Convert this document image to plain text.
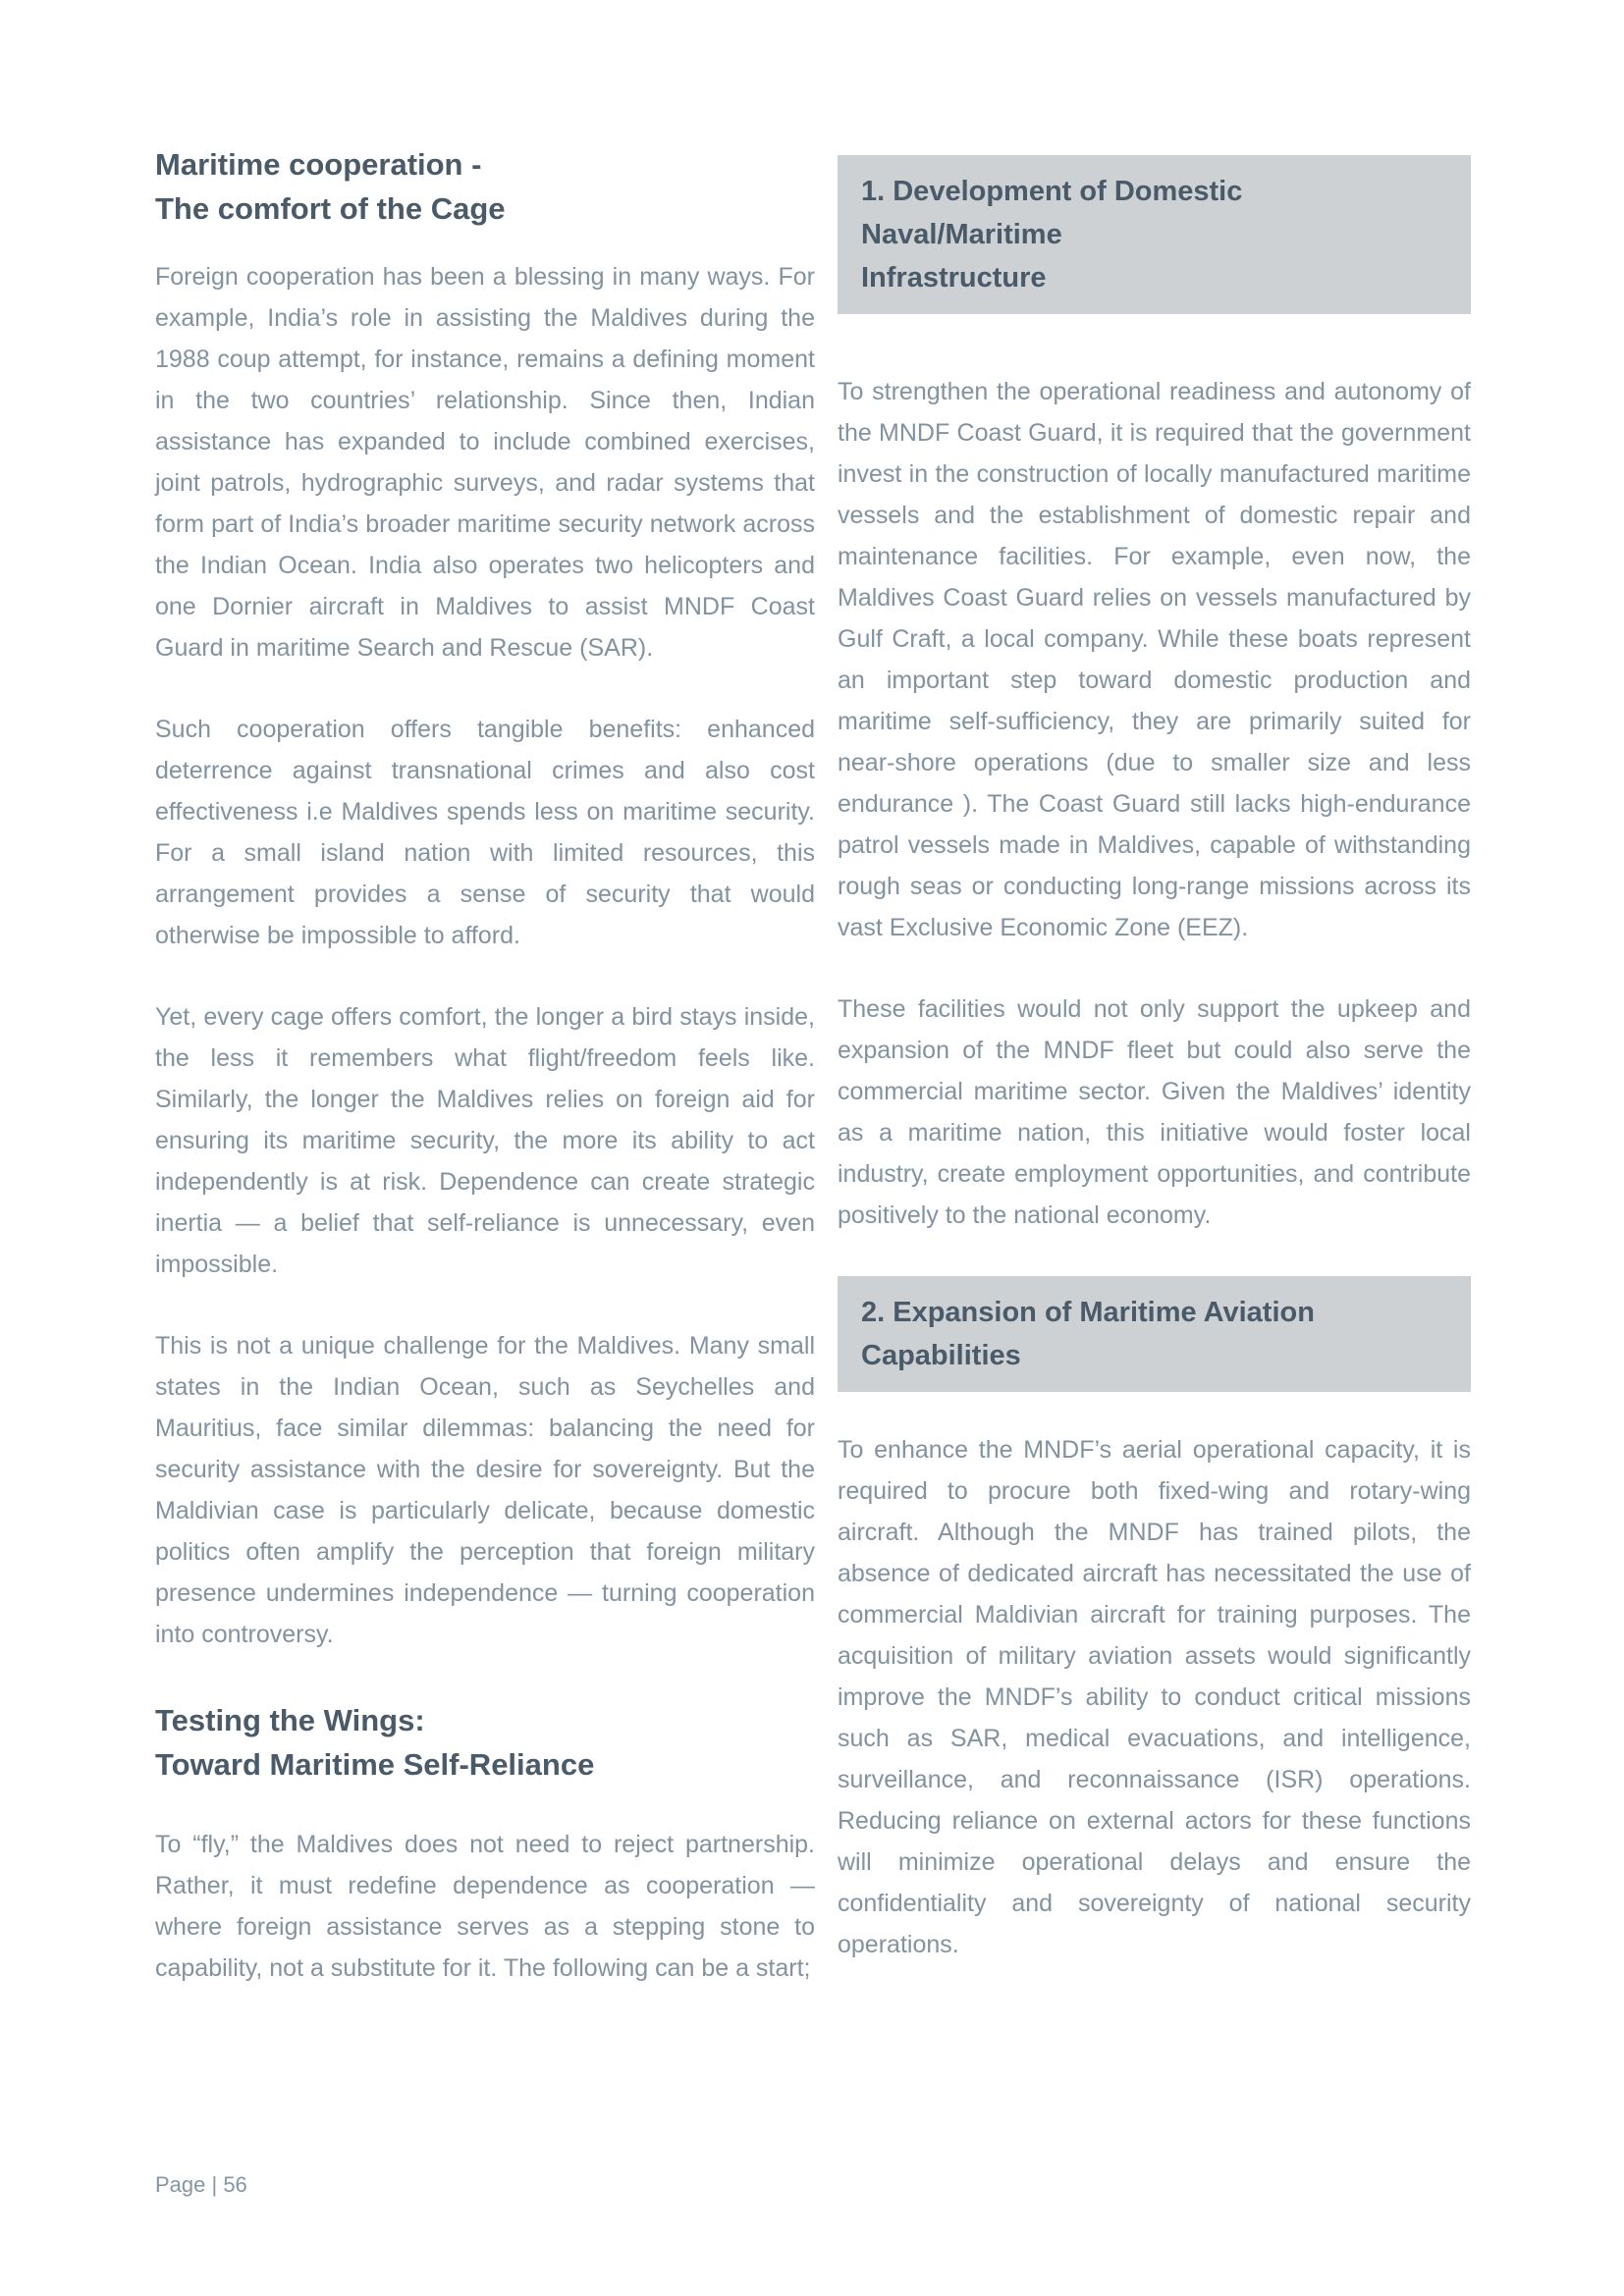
Maritime cooperation -
The comfort of the Cage

Foreign cooperation has been a blessing in many ways. For example, India’s role in assisting the Maldives during the 1988 coup attempt, for instance, remains a defining moment in the two countries’ relationship. Since then, Indian assistance has expanded to include combined exercises, joint patrols, hydrographic surveys, and radar systems that form part of India’s broader maritime security network across the Indian Ocean. India also operates two helicopters and one Dornier aircraft in Maldives to assist MNDF Coast Guard in maritime Search and Rescue (SAR).

Such cooperation offers tangible benefits: enhanced deterrence against transnational crimes and also cost effectiveness i.e Maldives spends less on maritime security. For a small island nation with limited resources, this arrangement provides a sense of security that would otherwise be impossible to afford.

Yet, every cage offers comfort, the longer a bird stays inside, the less it remembers what flight/freedom feels like. Similarly, the longer the Maldives relies on foreign aid for ensuring its maritime security, the more its ability to act independently is at risk. Dependence can create strategic inertia — a belief that self-reliance is unnecessary, even impossible.

This is not a unique challenge for the Maldives. Many small states in the Indian Ocean, such as Seychelles and Mauritius, face similar dilemmas: balancing the need for security assistance with the desire for sovereignty. But the Maldivian case is particularly delicate, because domestic politics often amplify the perception that foreign military presence undermines independence — turning cooperation into controversy.

Testing the Wings:
Toward Maritime Self-Reliance

To “fly,” the Maldives does not need to reject partnership. Rather, it must redefine dependence as cooperation — where foreign assistance serves as a stepping stone to capability, not a substitute for it. The following can be a start;

1. Development of Domestic Naval/Maritime
Infrastructure

To strengthen the operational readiness and autonomy of the MNDF Coast Guard, it is required that the government invest in the construction of locally manufactured maritime vessels and the establishment of domestic repair and maintenance facilities. For example, even now, the Maldives Coast Guard relies on vessels manufactured by Gulf Craft, a local company. While these boats represent an important step toward domestic production and maritime self-sufficiency, they are primarily suited for near-shore operations (due to smaller size and less endurance ). The Coast Guard still lacks high-endurance patrol vessels made in Maldives, capable of withstanding rough seas or conducting long-range missions across its vast Exclusive Economic Zone (EEZ).

These facilities would not only support the upkeep and expansion of the MNDF fleet but could also serve the commercial maritime sector. Given the Maldives’ identity as a maritime nation, this initiative would foster local industry, create employment opportunities, and contribute positively to the national economy.

2. Expansion of Maritime Aviation Capabilities

To enhance the MNDF’s aerial operational capacity, it is required to procure both fixed-wing and rotary-wing aircraft. Although the MNDF has trained pilots, the absence of dedicated aircraft has necessitated the use of commercial Maldivian aircraft for training purposes. The acquisition of military aviation assets would significantly improve the MNDF’s ability to conduct critical missions such as SAR, medical evacuations, and intelligence, surveillance, and reconnaissance (ISR) operations. Reducing reliance on external actors for these functions will minimize operational delays and ensure the confidentiality and sovereignty of national security operations.

Page | 56
